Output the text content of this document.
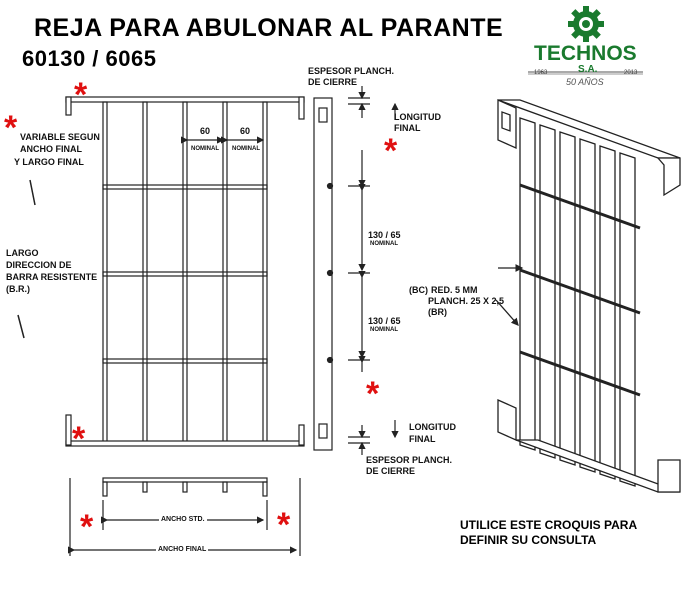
REJA PARA ABULONAR AL PARANTE
60130 / 6065	TECHNOS
S.A.
1963	2013
50 AÑOS
*
*
*
VARIABLE SEGUN
ANCHO FINAL
Y LARGO FINAL
LARGO
DIRECCION DE
BARRA RESISTENTE
(B.R.)
60
NOMINAL
60
NOMINAL
ESPESOR PLANCH.
DE CIERRE
LONGITUD
FINAL
*
130 / 65
NOMINAL
130 / 65
NOMINAL
*
LONGITUD
FINAL
ESPESOR PLANCH.
DE CIERRE
*	*
ANCHO STD.
ANCHO FINAL
(BC) RED. 5 MM
PLANCH. 25 X 2,5
(BR)
UTILICE ESTE CROQUIS PARA
DEFINIR SU CONSULTA
